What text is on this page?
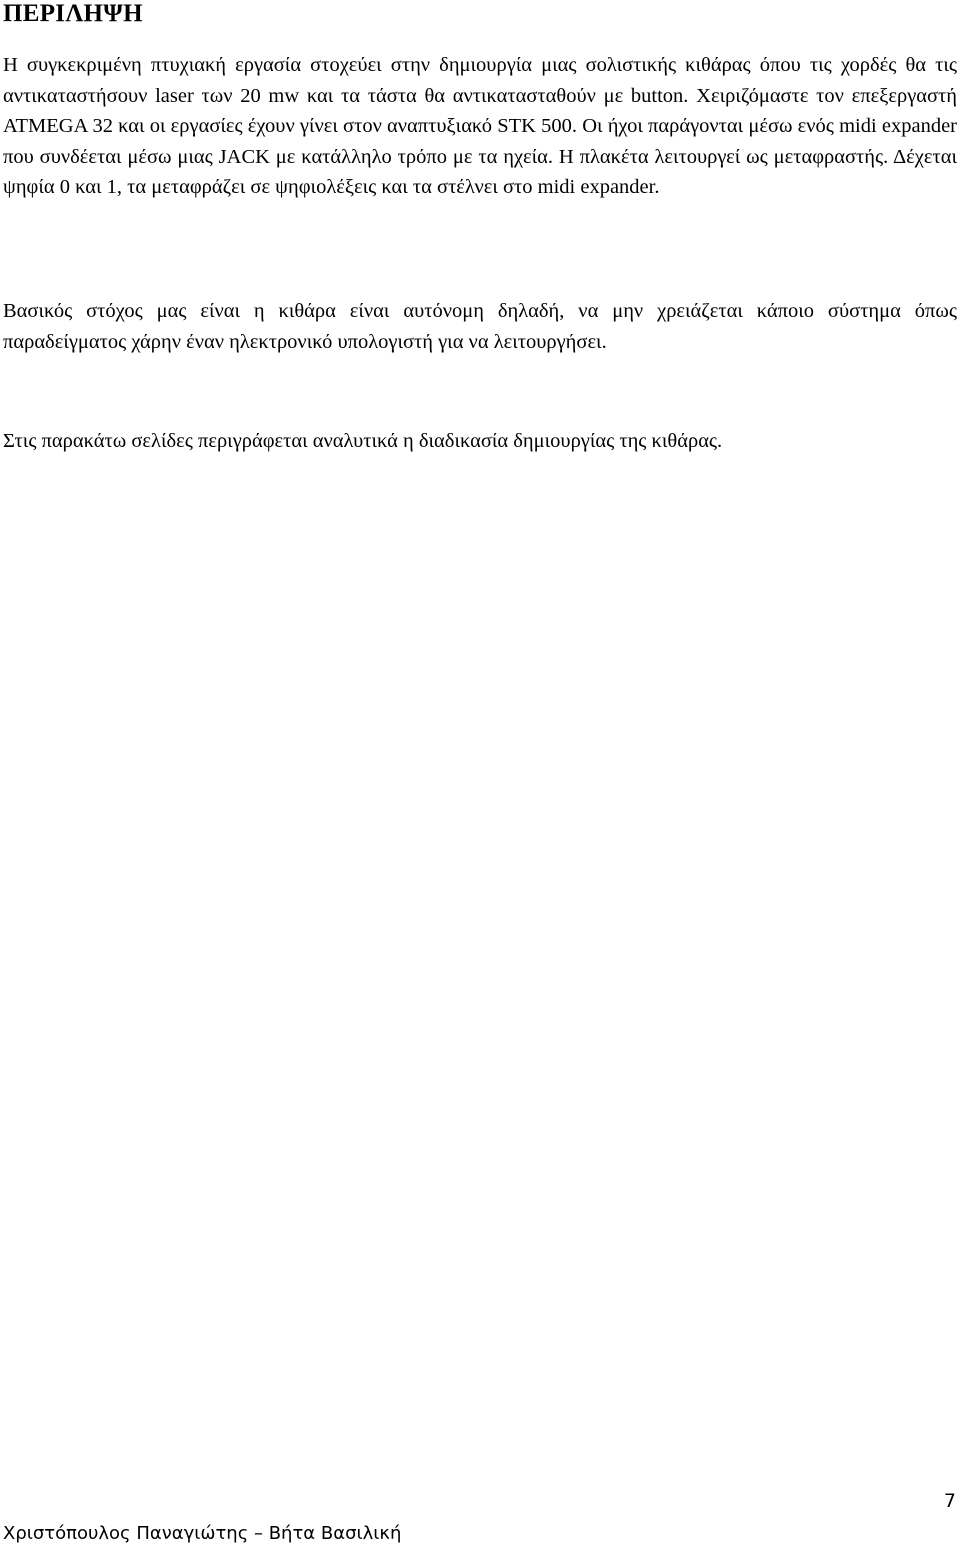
ΠΕΡΙΛΗΨΗ

Η συγκεκριμένη πτυχιακή εργασία στοχεύει στην δημιουργία μιας σολιστικής κιθάρας όπου τις χορδές θα τις αντικαταστήσουν laser των 20 mw και τα τάστα θα αντικατασταθούν με button. Χειριζόμαστε τον επεξεργαστή ATMEGA 32 και οι εργασίες έχουν γίνει στον αναπτυξιακό STK 500. Οι ήχοι παράγονται μέσω ενός midi expander που συνδέεται μέσω μιας JACK με κατάλληλο τρόπο με τα ηχεία. Η πλακέτα λειτουργεί ως μεταφραστής. Δέχεται ψηφία 0 και 1, τα μεταφράζει σε ψηφιολέξεις και τα στέλνει στο midi expander.

Βασικός στόχος μας είναι η κιθάρα είναι αυτόνομη δηλαδή, να μην χρειάζεται κάποιο σύστημα όπως παραδείγματος χάρην έναν ηλεκτρονικό υπολογιστή για να λειτουργήσει.

Στις παρακάτω σελίδες περιγράφεται αναλυτικά η διαδικασία δημιουργίας της κιθάρας.

7
Χριστόπουλος Παναγιώτης – Βήτα Βασιλική
